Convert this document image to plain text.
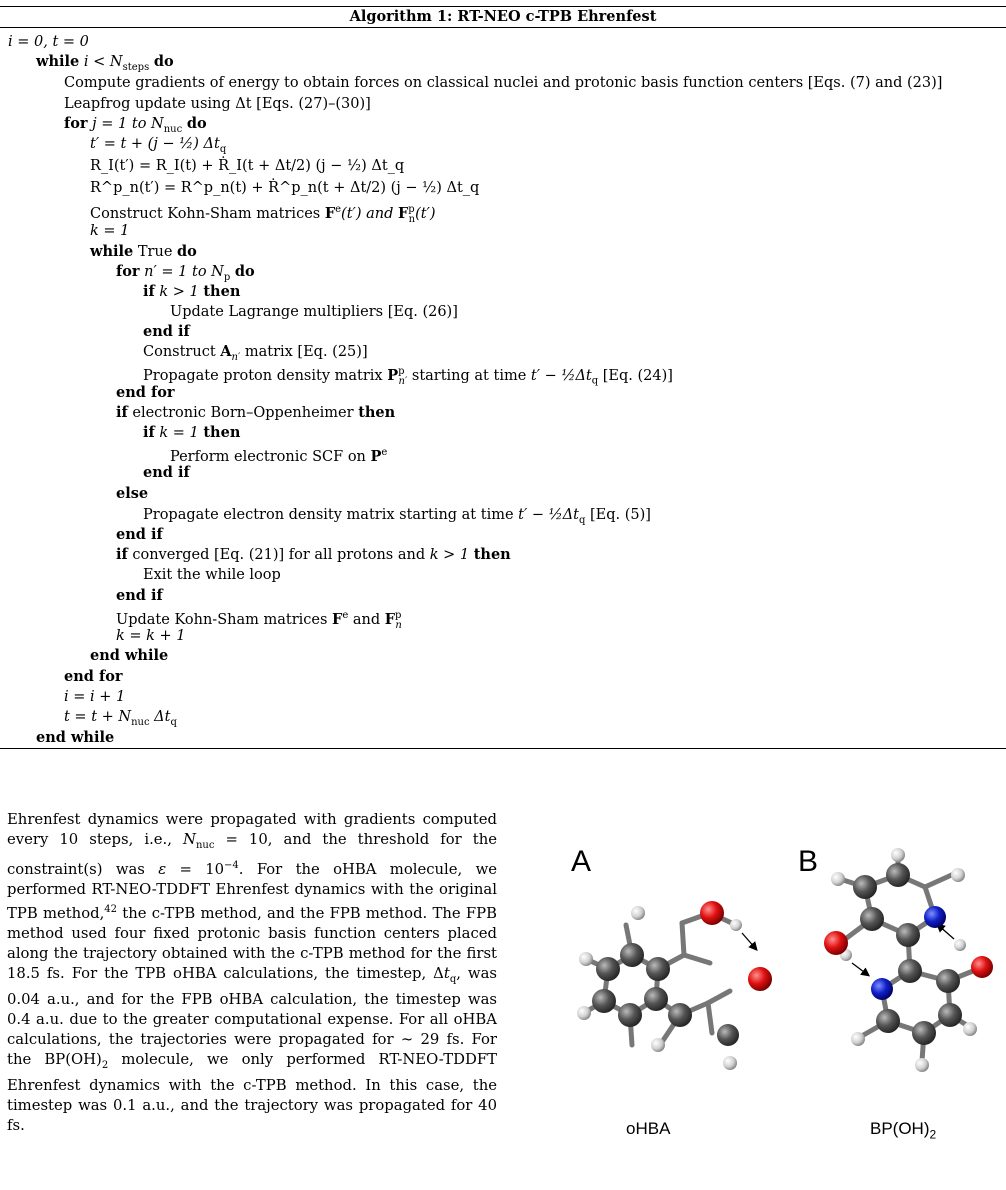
Algorithm 1: RT-NEO c-TPB Ehrenfest
i = 0, t = 0
while $i < N_{steps}$ do
Compute gradients of energy to obtain forces on classical nuclei and protonic basis function centers [Eqs. (7) and (23)]
Leapfrog update using Δt [Eqs. (27)–(30)]
for j = 1 to $N_{nuc}$ do
t′ = t + (j − ½) $\Delta t_q$
R_I(t′) = R_I(t) + Ṙ_I(t + Δt/2) (j − ½) Δt_q
R^p_n(t′) = R^p_n(t) + Ṙ^p_n(t + Δt/2) (j − ½) Δt_q
Construct Kohn-Sham matrices $F^e(t')$ and $F^p_n(t')$
k = 1
while True do
for n′ = 1 to $N_p$ do
if k > 1 then
Update Lagrange multipliers [Eq. (26)]
end if
Construct $A_{n'}$ matrix [Eq. (25)]
Propagate proton density matrix $P^p_{n'}$ starting at time $t' - \frac{1}{2}\Delta t_q$ [Eq. (24)]
end for
if electronic Born–Oppenheimer then
if k = 1 then
Perform electronic SCF on $P^e$
end if
else
Propagate electron density matrix starting at time $t' - \frac{1}{2}\Delta t_q$ [Eq. (5)]
end if
if converged [Eq. (21)] for all protons and k > 1 then
Exit the while loop
end if
Update Kohn-Sham matrices $F^e$ and $F^p_n$
k = k + 1
end while
end for
i = i + 1
$t = t + N_{nuc}$ $\Delta t_q$
end while

Ehrenfest dynamics were propagated with gradients computed every 10 steps, i.e., $N_{nuc} = 10$, and the threshold for the constraint(s) was $\varepsilon = 10^{-4}$. For the oHBA molecule, we performed RT-NEO-TDDFT Ehrenfest dynamics with the original TPB method,$^{42}$ the c-TPB method, and the FPB method. The FPB method used four fixed protonic basis function centers placed along the trajectory obtained with the c-TPB method for the first 18.5 fs. For the TPB oHBA calculations, the timestep, $\Delta t_q$, was 0.04 a.u., and for the FPB oHBA calculation, the timestep was 0.4 a.u. due to the greater computational expense. For all oHBA calculations, the trajectories were propagated for ∼ 29 fs. For the $BP(OH)_2$ molecule, we only performed RT-NEO-TDDFT Ehrenfest dynamics with the c-TPB method. In this case, the timestep was 0.1 a.u., and the trajectory was propagated for 40 fs.

A	B
oHBA	$BP(OH)_2$
